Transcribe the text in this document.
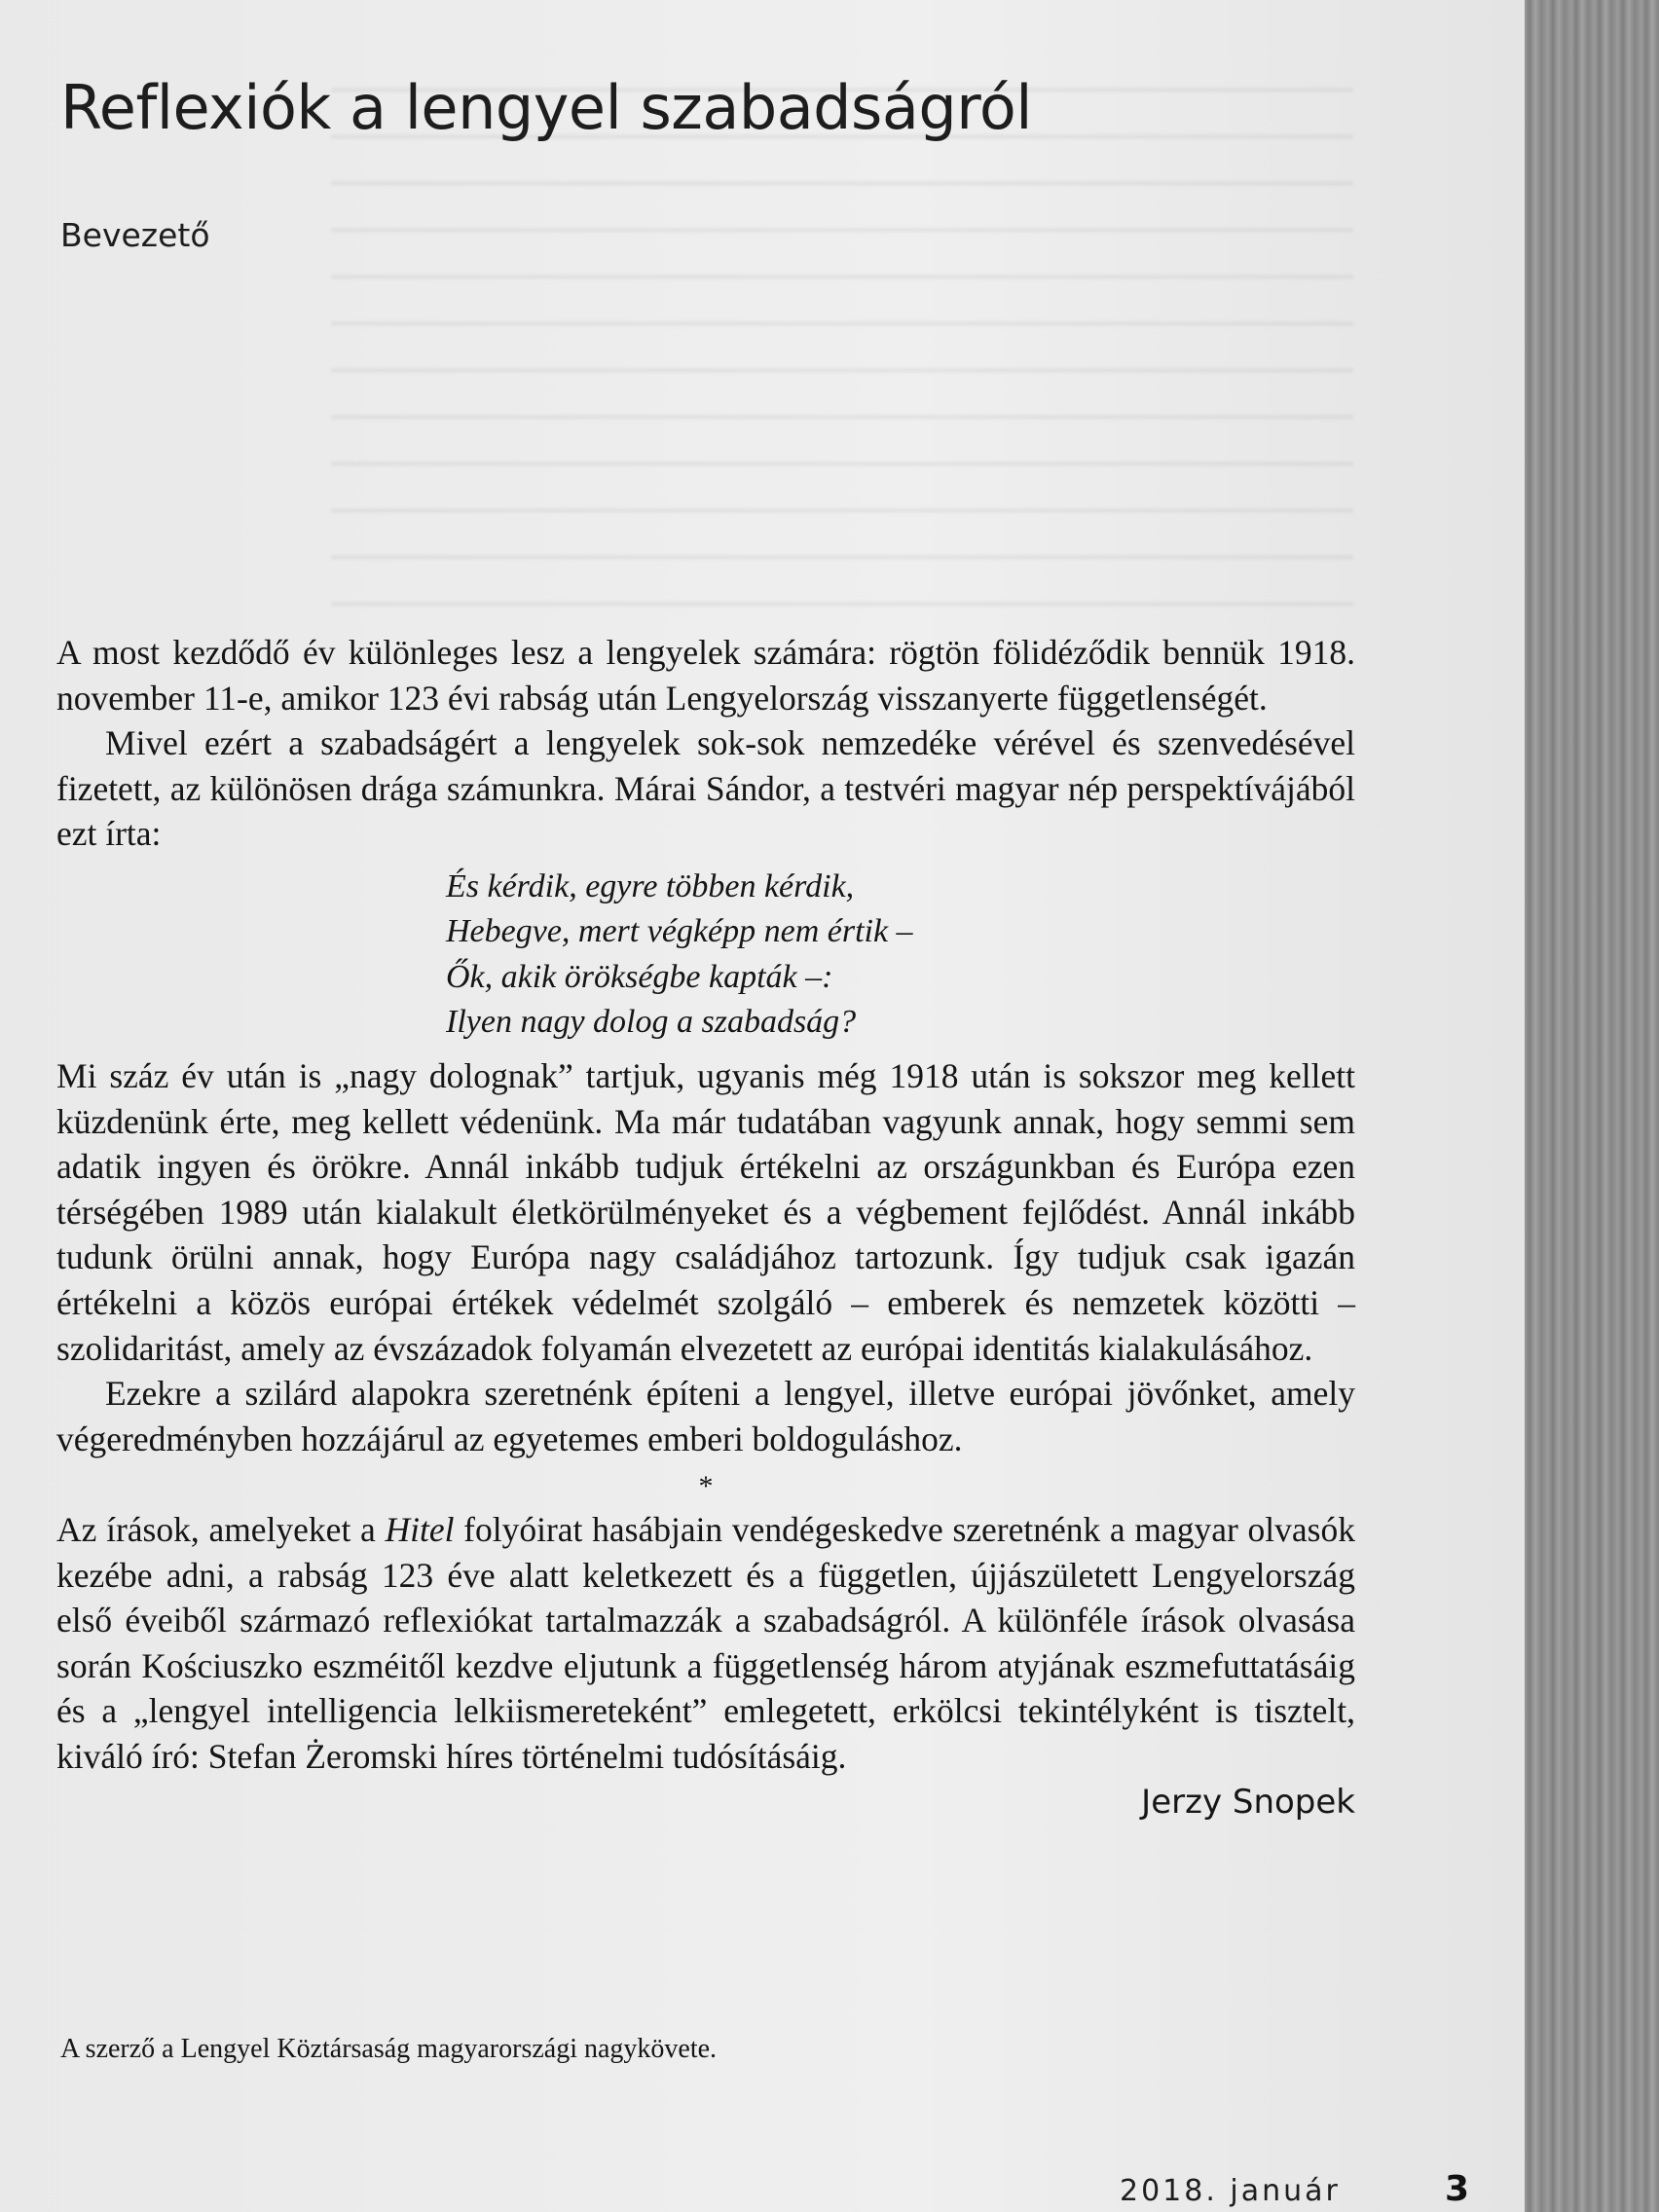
Reflexiók a lengyel szabadságról
Bevezető

A most kezdődő év különleges lesz a lengyelek számára: rögtön fölidéződik bennük 1918. november 11-e, amikor 123 évi rabság után Lengyelország visszanyerte függetlenségét.

Mivel ezért a szabadságért a lengyelek sok-sok nemzedéke vérével és szenvedésével fizetett, az különösen drága számunkra. Márai Sándor, a testvéri magyar nép perspektívájából ezt írta:

És kérdik, egyre többen kérdik,
Hebegve, mert végképp nem értik –
Ők, akik örökségbe kapták –:
Ilyen nagy dolog a szabadság?

Mi száz év után is „nagy dolognak” tartjuk, ugyanis még 1918 után is sokszor meg kellett küzdenünk érte, meg kellett védenünk. Ma már tudatában vagyunk annak, hogy semmi sem adatik ingyen és örökre. Annál inkább tudjuk értékelni az országunkban és Európa ezen térségében 1989 után kialakult életkörülményeket és a végbement fejlődést. Annál inkább tudunk örülni annak, hogy Európa nagy családjához tartozunk. Így tudjuk csak igazán értékelni a közös európai értékek védelmét szolgáló – emberek és nemzetek közötti – szolidaritást, amely az évszázadok folyamán elvezetett az európai identitás kialakulásához.

Ezekre a szilárd alapokra szeretnénk építeni a lengyel, illetve európai jövőnket, amely végeredményben hozzájárul az egyetemes emberi boldoguláshoz.

*

Az írások, amelyeket a Hitel folyóirat hasábjain vendégeskedve szeretnénk a magyar olvasók kezébe adni, a rabság 123 éve alatt keletkezett és a független, újjászületett Lengyelország első éveiből származó reflexiókat tartalmazzák a szabadságról. A különféle írások olvasása során Kościuszko eszméitől kezdve eljutunk a függetlenség három atyjának eszmefuttatásáig és a „lengyel intelligencia lelkiismereteként” emlegetett, erkölcsi tekintélyként is tisztelt, kiváló író: Stefan Żeromski híres történelmi tudósításáig.

Jerzy Snopek
A szerző a Lengyel Köztársaság magyarországi nagykövete.
2018. január	3
